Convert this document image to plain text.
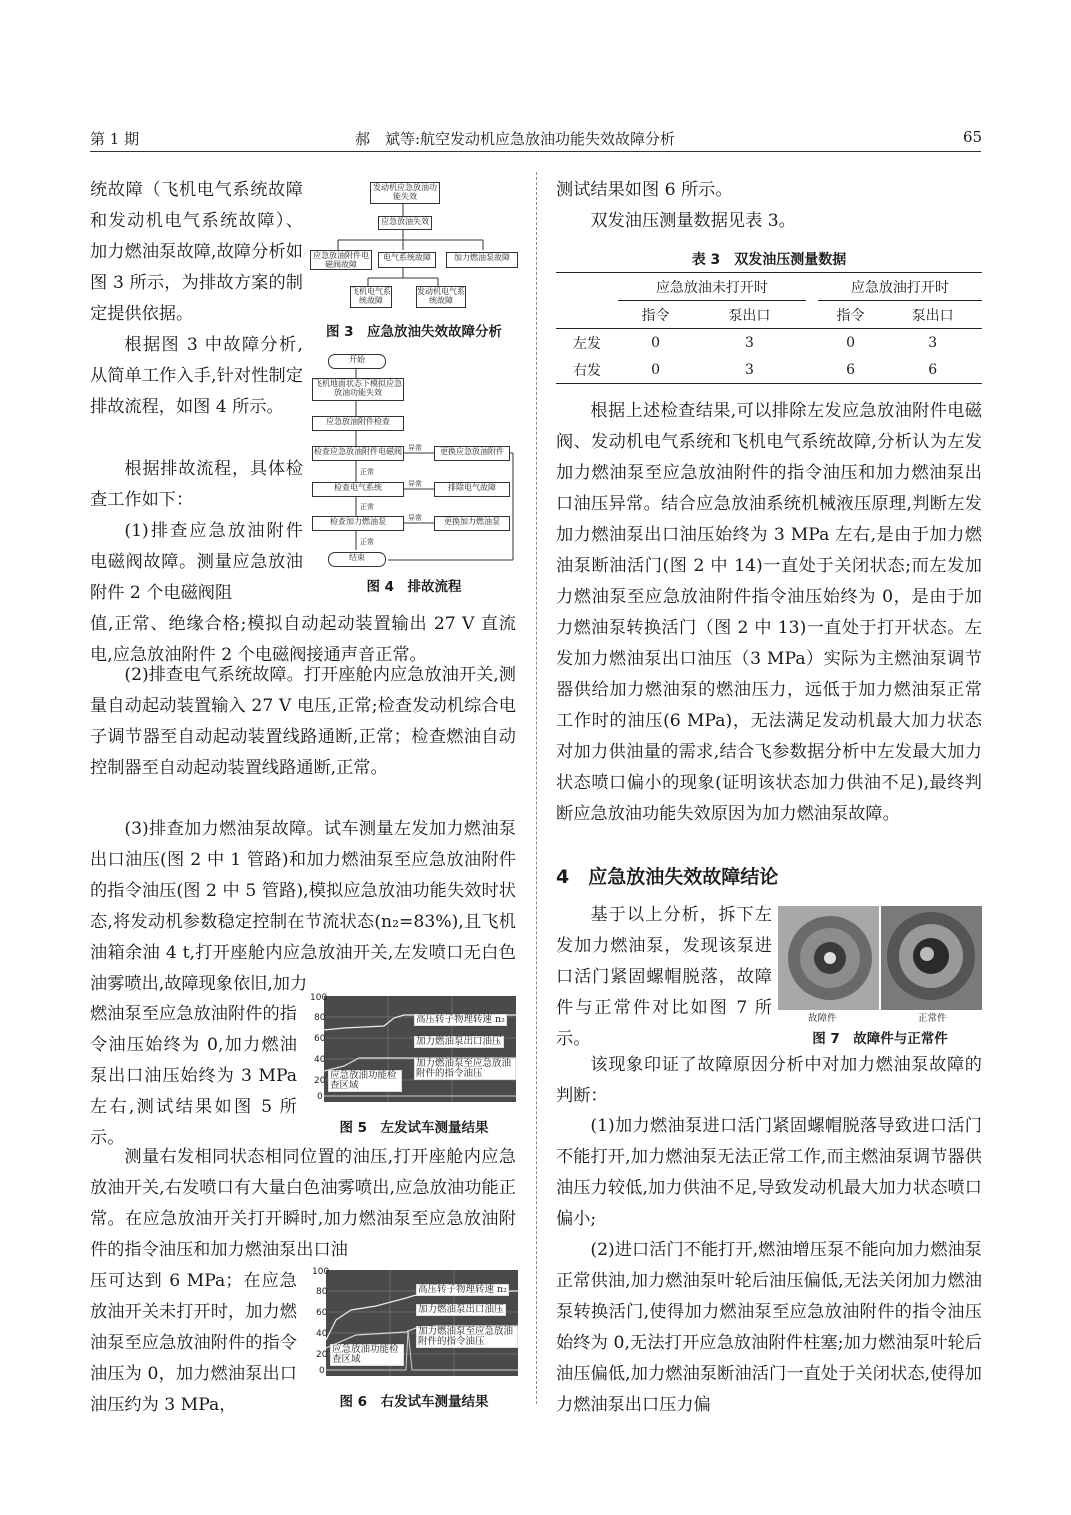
第 1 期	郝　斌等:航空发动机应急放油功能失效故障分析	65

统故障（飞机电气系统故障和发动机电气系统故障）、加力燃油泵故障,故障分析如图 3 所示，为排故方案的制定提供依据。

根据图 3 中故障分析,从简单工作入手,针对性制定排故流程，如图 4 所示。

根据排故流程，具体检查工作如下：

(1)排查应急放油附件电磁阀故障。测量应急放油附件 2 个电磁阀阻

值,正常、绝缘合格;模拟自动起动装置输出 27 V 直流电,应急放油附件 2 个电磁阀接通声音正常。

(2)排查电气系统故障。打开座舱内应急放油开关,测量自动起动装置输入 27 V 电压,正常;检查发动机综合电子调节器至自动起动装置线路通断,正常；检查燃油自动控制器至自动起动装置线路通断,正常。

(3)排查加力燃油泵故障。试车测量左发加力燃油泵出口油压(图 2 中 1 管路)和加力燃油泵至应急放油附件的指令油压(图 2 中 5 管路),模拟应急放油功能失效时状态,将发动机参数稳定控制在节流状态(n₂=83%),且飞机油箱余油 4 t,打开座舱内应急放油开关,左发喷口无白色油雾喷出,故障现象依旧,加力

燃油泵至应急放油附件的指令油压始终为 0,加力燃油泵出口油压始终为 3 MPa 左右,测试结果如图 5 所示。

测量右发相同状态相同位置的油压,打开座舱内应急放油开关,右发喷口有大量白色油雾喷出,应急放油功能正常。在应急放油开关打开瞬时,加力燃油泵至应急放油附件的指令油压和加力燃油泵出口油

压可达到 6 MPa；在应急放油开关未打开时，加力燃油泵至应急放油附件的指令油压为 0，加力燃油泵出口油压约为 3 MPa，

发动机应急放油功能失效
应急放油失效
应急放油附件电磁阀故障
电气系统故障	加力燃油泵故障
飞机电气系统故障
发动机电气系统故障
图 3　应急放油失效故障分析
开始
飞机地面状态下模拟应急放油功能失效
应急放油附件检查
检查应急放油附件电磁阀
检查电气系统
检查加力燃油泵
更换应急放油附件
排除电气故障
更换加力燃油泵
正常
正常
正常
异常
异常
异常
结束
图 4　排故流程
100
80
60
40
20
0
08:56:00	09:00:00	09:04:00
高压转子物理转速 n₂
加力燃油泵出口油压
加力燃油泵至应急放油附件的指令油压
应急放油功能检查区域
图 5　左发试车测量结果
100
80
60
40
20
0
10:12:00	10:16:00	10:20:00
高压转子物理转速 n₂
加力燃油泵出口油压
加力燃油泵至应急放油附件的指令油压
应急放油功能检查区域
图 6　右发试车测量结果

测试结果如图 6 所示。

双发油压测量数据见表 3。

表 3　双发油压测量数据
	应急放油未打开时			应急放油打开时	
	指令	泵出口		指令	泵出口
左发	0	3		0	3
右发	0	3		6	6

根据上述检查结果,可以排除左发应急放油附件电磁阀、发动机电气系统和飞机电气系统故障,分析认为左发加力燃油泵至应急放油附件的指令油压和加力燃油泵出口油压异常。结合应急放油系统机械液压原理,判断左发加力燃油泵出口油压始终为 3 MPa 左右,是由于加力燃油泵断油活门(图 2 中 14)一直处于关闭状态;而左发加力燃油泵至应急放油附件指令油压始终为 0，是由于加力燃油泵转换活门（图 2 中 13)一直处于打开状态。左发加力燃油泵出口油压（3 MPa）实际为主燃油泵调节器供给加力燃油泵的燃油压力，远低于加力燃油泵正常工作时的油压(6 MPa)，无法满足发动机最大加力状态对加力供油量的需求,结合飞参数据分析中左发最大加力状态喷口偏小的现象(证明该状态加力供油不足),最终判断应急放油功能失效原因为加力燃油泵故障。

4　应急放油失效故障结论

基于以上分析，拆下左发加力燃油泵，发现该泵进口活门紧固螺帽脱落，故障件与正常件对比如图 7 所示。

故障件	正常件
图 7　故障件与正常件

该现象印证了故障原因分析中对加力燃油泵故障的判断：

(1)加力燃油泵进口活门紧固螺帽脱落导致进口活门不能打开,加力燃油泵无法正常工作,而主燃油泵调节器供油压力较低,加力供油不足,导致发动机最大加力状态喷口偏小;

(2)进口活门不能打开,燃油增压泵不能向加力燃油泵正常供油,加力燃油泵叶轮后油压偏低,无法关闭加力燃油泵转换活门,使得加力燃油泵至应急放油附件的指令油压始终为 0,无法打开应急放油附件柱塞;加力燃油泵叶轮后油压偏低,加力燃油泵断油活门一直处于关闭状态,使得加力燃油泵出口压力偏
